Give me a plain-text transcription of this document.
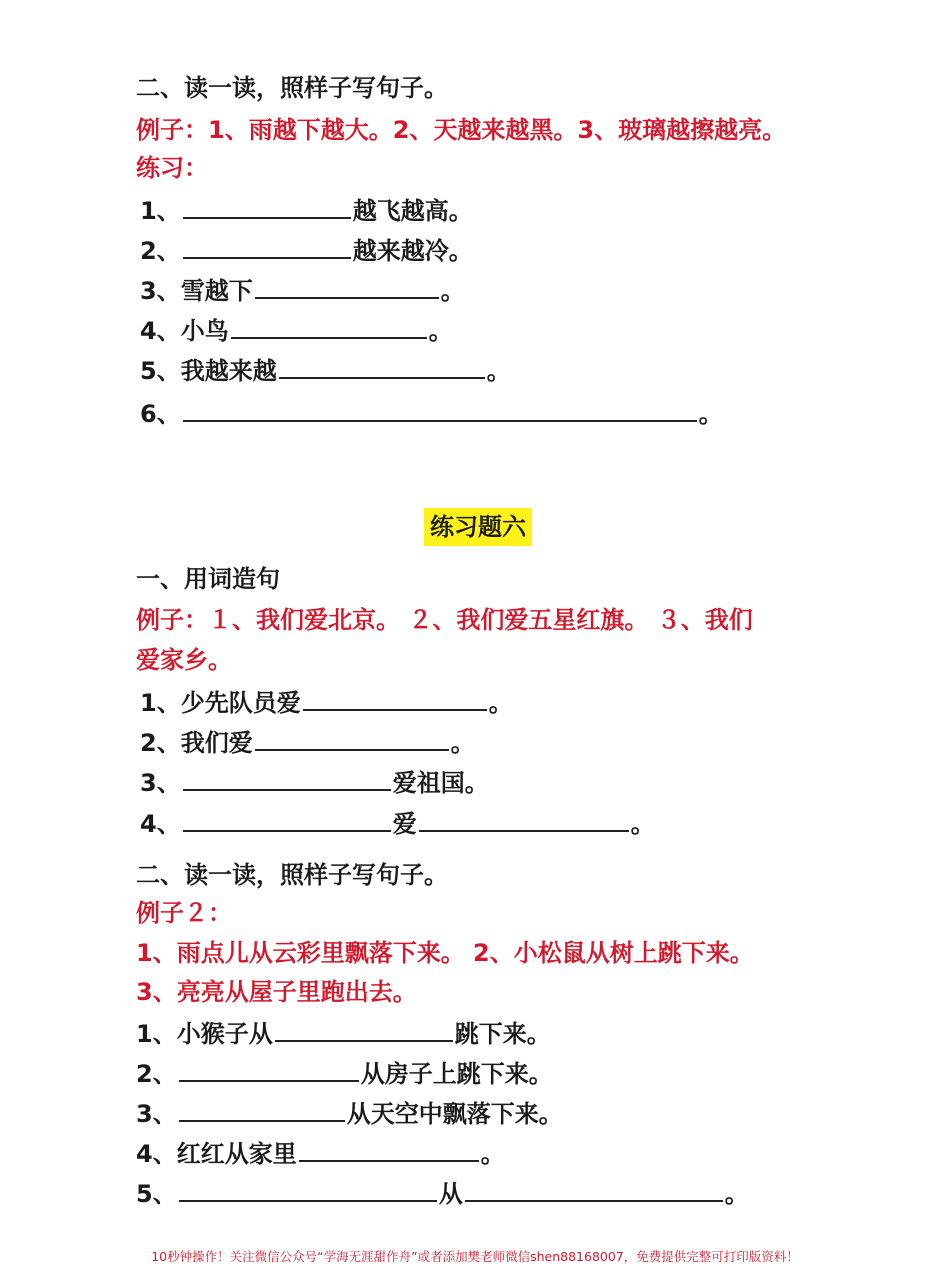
二、读一读，照样子写句子。
例子：1、雨越下越大。2、天越来越黑。3、玻璃越擦越亮。
练习：
1、	越飞越高。
2、	越来越冷。
3、雪越下	。
4、小鸟	。
5、我越来越	。
6、	。
练习题六
一、用词造句
例子：１、我们爱北京。 ２、我们爱五星红旗。 ３、我们
爱家乡。
1、少先队员爱	。
2、我们爱	。
3、	爱祖国。
4、	爱	。
二、读一读，照样子写句子。
例子２：
1、雨点儿从云彩里飘落下来。 2、小松鼠从树上跳下来。
3、亮亮从屋子里跑出去。
1、小猴子从	跳下来。
2、	从房子上跳下来。
3、	从天空中飘落下来。
4、红红从家里	。
5、	从	。
10秒钟操作！关注微信公众号“学海无涯甜作舟”或者添加樊老师微信shen88168007，免费提供完整可打印版资料！
